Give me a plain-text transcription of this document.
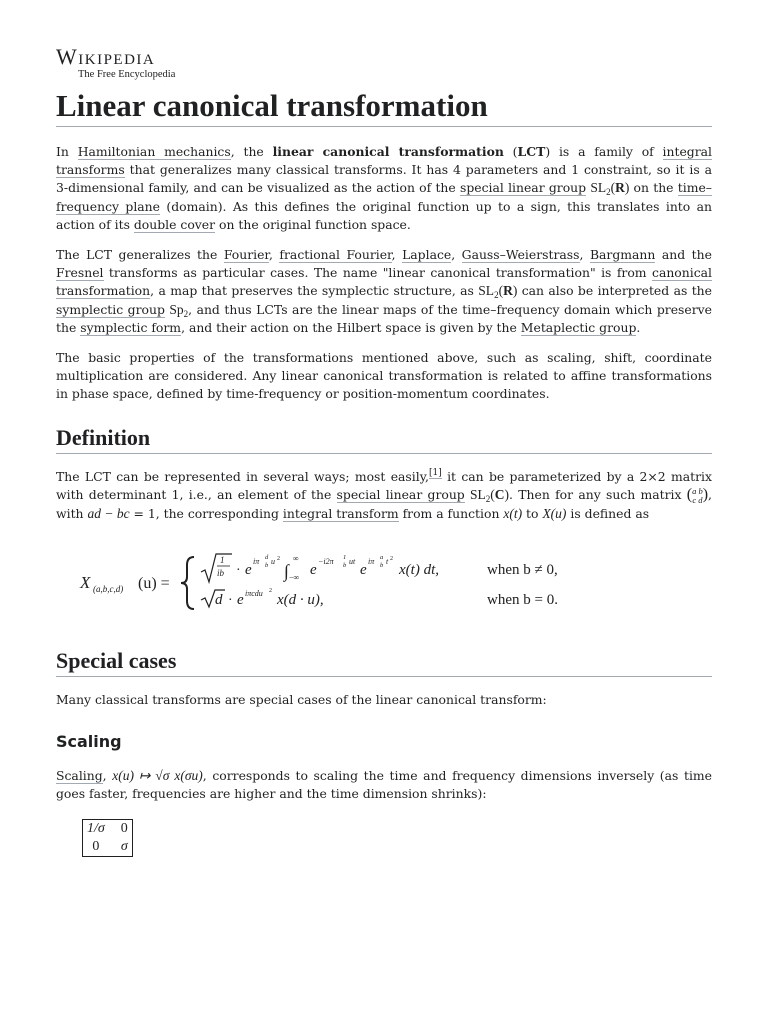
Wikipedia
The Free Encyclopedia
Linear canonical transformation

In Hamiltonian mechanics, the linear canonical transformation (LCT) is a family of integral transforms that generalizes many classical transforms. It has 4 parameters and 1 constraint, so it is a 3-dimensional family, and can be visualized as the action of the special linear group $SL_2(R)$ on the time–frequency plane (domain). As this defines the original function up to a sign, this translates into an action of its double cover on the original function space.

The LCT generalizes the Fourier, fractional Fourier, Laplace, Gauss–Weierstrass, Bargmann and the Fresnel transforms as particular cases. The name "linear canonical transformation" is from canonical transformation, a map that preserves the symplectic structure, as $SL_2(R)$ can also be interpreted as the symplectic group $Sp_2$, and thus LCTs are the linear maps of the time–frequency domain which preserve the symplectic form, and their action on the Hilbert space is given by the Metaplectic group.

The basic properties of the transformations mentioned above, such as scaling, shift, coordinate multiplication are considered. Any linear canonical transformation is related to affine transformations in phase space, defined by time-frequency or position-momentum coordinates.

Definition

The LCT can be represented in several ways; most easily,[1] it can be parameterized by a 2×2 matrix with determinant 1, i.e., an element of the special linear group $SL_2(C)$. Then for any such matrix (a b
c d), with ad − bc = 1, the corresponding integral transform from a function x(t) to X(u) is defined as

X (a,b,c,d) (u) =
1
ib · e
iπ d
b u 2
∫
∞
−∞ e
−i2π 1
b ut
e
iπ a
b t 2
x(t) dt,	when b ≠ 0,
d · e iπcdu 2
x(d · u),	when b = 0.
Special cases

Many classical transforms are special cases of the linear canonical transform:

Scaling

Scaling, x(u) ↦ √σ x(σu), corresponds to scaling the time and frequency dimensions inversely (as time goes faster, frequencies are higher and the time dimension shrinks):

1/σ	0
0	σ
